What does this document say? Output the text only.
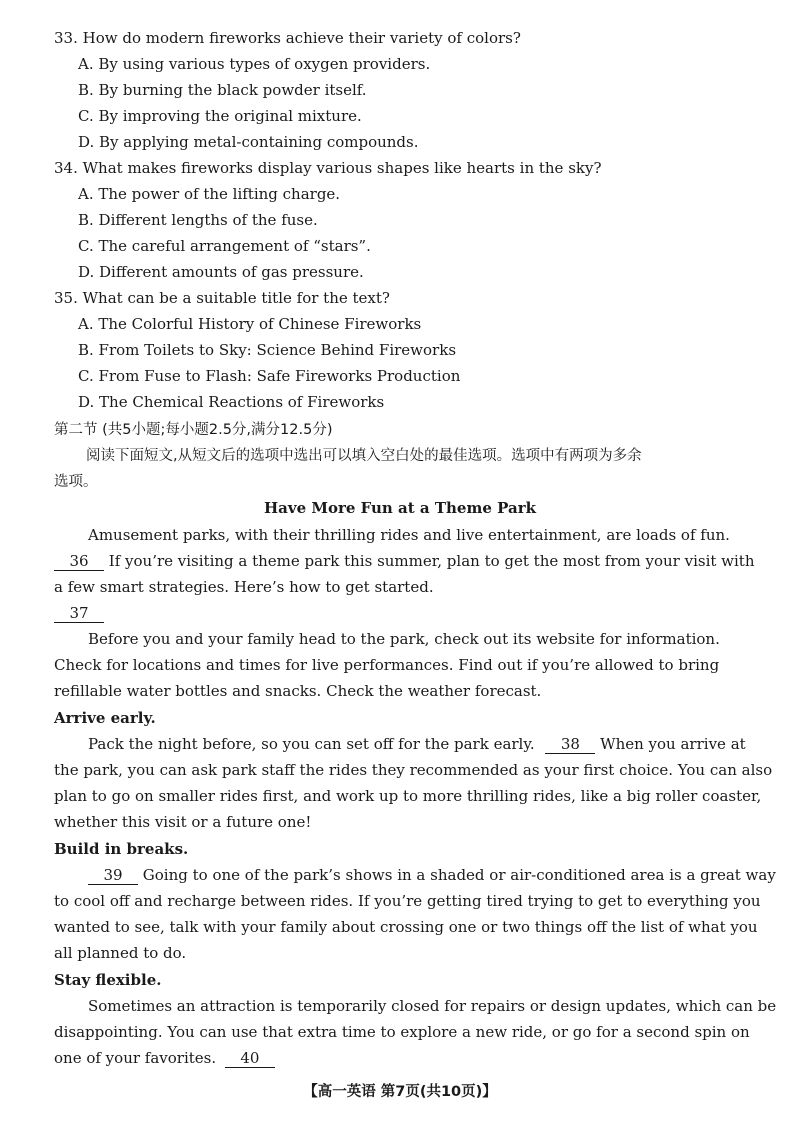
33. How do modern fireworks achieve their variety of colors?
A. By using various types of oxygen providers.
B. By burning the black powder itself.
C. By improving the original mixture.
D. By applying metal-containing compounds.
34. What makes fireworks display various shapes like hearts in the sky?
A. The power of the lifting charge.
B. Different lengths of the fuse.
C. The careful arrangement of “stars”.
D. Different amounts of gas pressure.
35. What can be a suitable title for the text?
A. The Colorful History of Chinese Fireworks
B. From Toilets to Sky: Science Behind Fireworks
C. From Fuse to Flash: Safe Fireworks Production
D. The Chemical Reactions of Fireworks
第二节 (共5小题;每小题2.5分,满分12.5分)
阅读下面短文,从短文后的选项中选出可以填入空白处的最佳选项。选项中有两项为多余
选项。
Have More Fun at a Theme Park
Amusement parks, with their thrilling rides and live entertainment, are loads of fun.
36 If you’re visiting a theme park this summer, plan to get the most from your visit with
a few smart strategies. Here’s how to get started.
37
Before you and your family head to the park, check out its website for information.
Check for locations and times for live performances. Find out if you’re allowed to bring
refillable water bottles and snacks. Check the weather forecast.
Arrive early.
Pack the night before, so you can set off for the park early. 38 When you arrive at
the park, you can ask park staff the rides they recommended as your first choice. You can also
plan to go on smaller rides first, and work up to more thrilling rides, like a big roller coaster,
whether this visit or a future one!
Build in breaks.
39 Going to one of the park’s shows in a shaded or air-conditioned area is a great way
to cool off and recharge between rides. If you’re getting tired trying to get to everything you
wanted to see, talk with your family about crossing one or two things off the list of what you
all planned to do.
Stay flexible.
Sometimes an attraction is temporarily closed for repairs or design updates, which can be
disappointing. You can use that extra time to explore a new ride, or go for a second spin on
one of your favorites. 40
【高一英语 第7页(共10页)】
